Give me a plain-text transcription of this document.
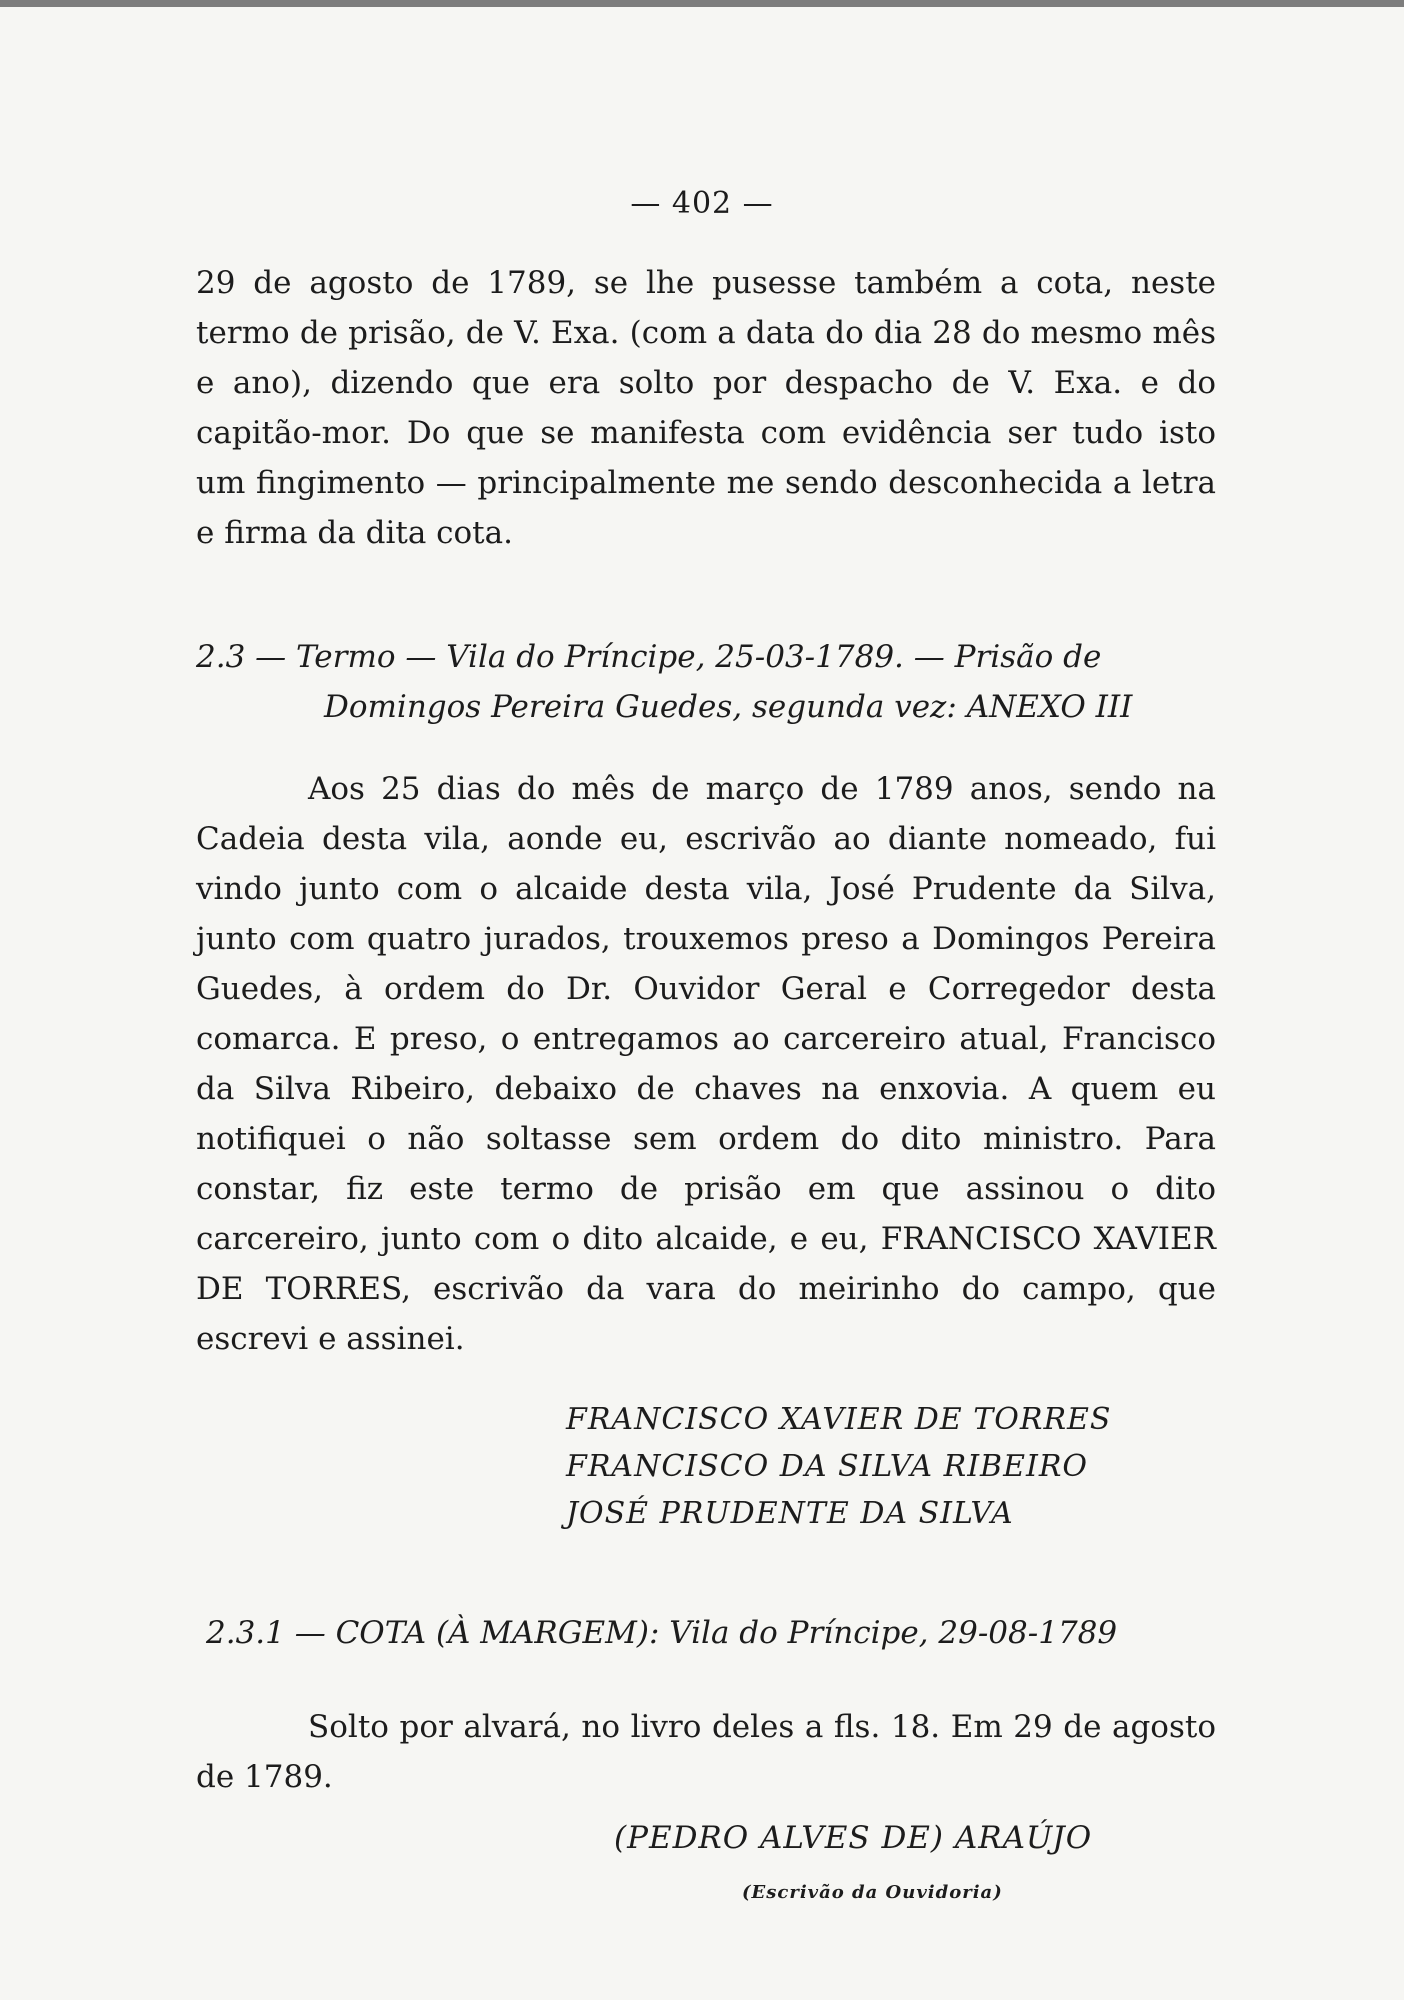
— 402 —

29 de agosto de 1789, se lhe pusesse também a cota, neste termo de prisão, de V. Exa. (com a data do dia 28 do mesmo mês e ano), dizendo que era solto por despacho de V. Exa. e do capitão-mor. Do que se manifesta com evidência ser tudo isto um fingimento — principalmente me sendo desconhecida a letra e firma da dita cota.

2.3 — Termo — Vila do Príncipe, 25-03-1789. — Prisão de
Domingos Pereira Guedes, segunda vez: ANEXO III

Aos 25 dias do mês de março de 1789 anos, sendo na Cadeia desta vila, aonde eu, escrivão ao diante nomeado, fui vindo junto com o alcaide desta vila, José Prudente da Silva, junto com quatro jurados, trouxemos preso a Domingos Pereira Guedes, à ordem do Dr. Ouvidor Geral e Corregedor desta comarca. E preso, o entregamos ao carcereiro atual, Francisco da Silva Ribeiro, debaixo de chaves na enxovia. A quem eu notifiquei o não soltasse sem ordem do dito ministro. Para constar, fiz este termo de prisão em que assinou o dito carcereiro, junto com o dito alcaide, e eu, FRANCISCO XAVIER DE TORRES, escrivão da vara do meirinho do campo, que escrevi e assinei.

FRANCISCO XAVIER DE TORRES
FRANCISCO DA SILVA RIBEIRO
JOSÉ PRUDENTE DA SILVA
2.3.1 — COTA (À MARGEM): Vila do Príncipe, 29-08-1789

Solto por alvará, no livro deles a fls. 18. Em 29 de agosto de 1789.

(PEDRO ALVES DE) ARAÚJO
(Escrivão da Ouvidoria)
